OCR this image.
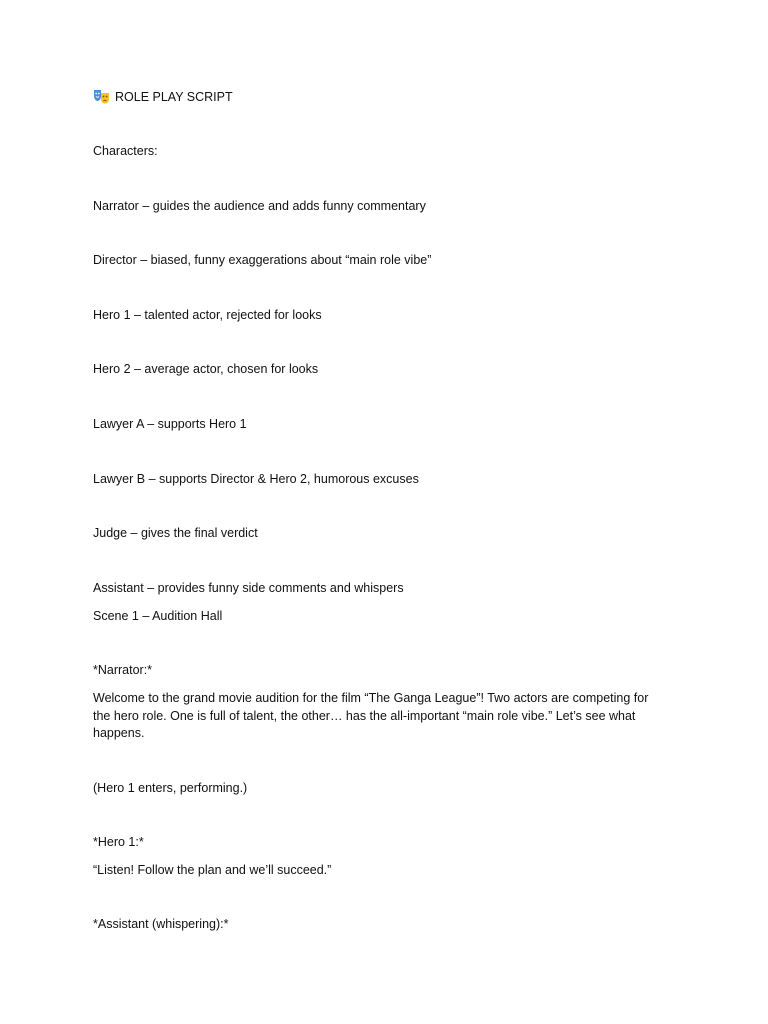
ROLE PLAY SCRIPT
Characters:
Narrator – guides the audience and adds funny commentary
Director – biased, funny exaggerations about “main role vibe”
Hero 1 – talented actor, rejected for looks
Hero 2 – average actor, chosen for looks
Lawyer A – supports Hero 1
Lawyer B – supports Director & Hero 2, humorous excuses
Judge – gives the final verdict
Assistant – provides funny side comments and whispers
Scene 1 – Audition Hall
*Narrator:*
Welcome to the grand movie audition for the film “The Ganga League”! Two actors are competing for the hero role. One is full of talent, the other… has the all-important “main role vibe.” Let’s see what happens.
(Hero 1 enters, performing.)
*Hero 1:*
“Listen! Follow the plan and we’ll succeed.”
*Assistant (whispering):*
